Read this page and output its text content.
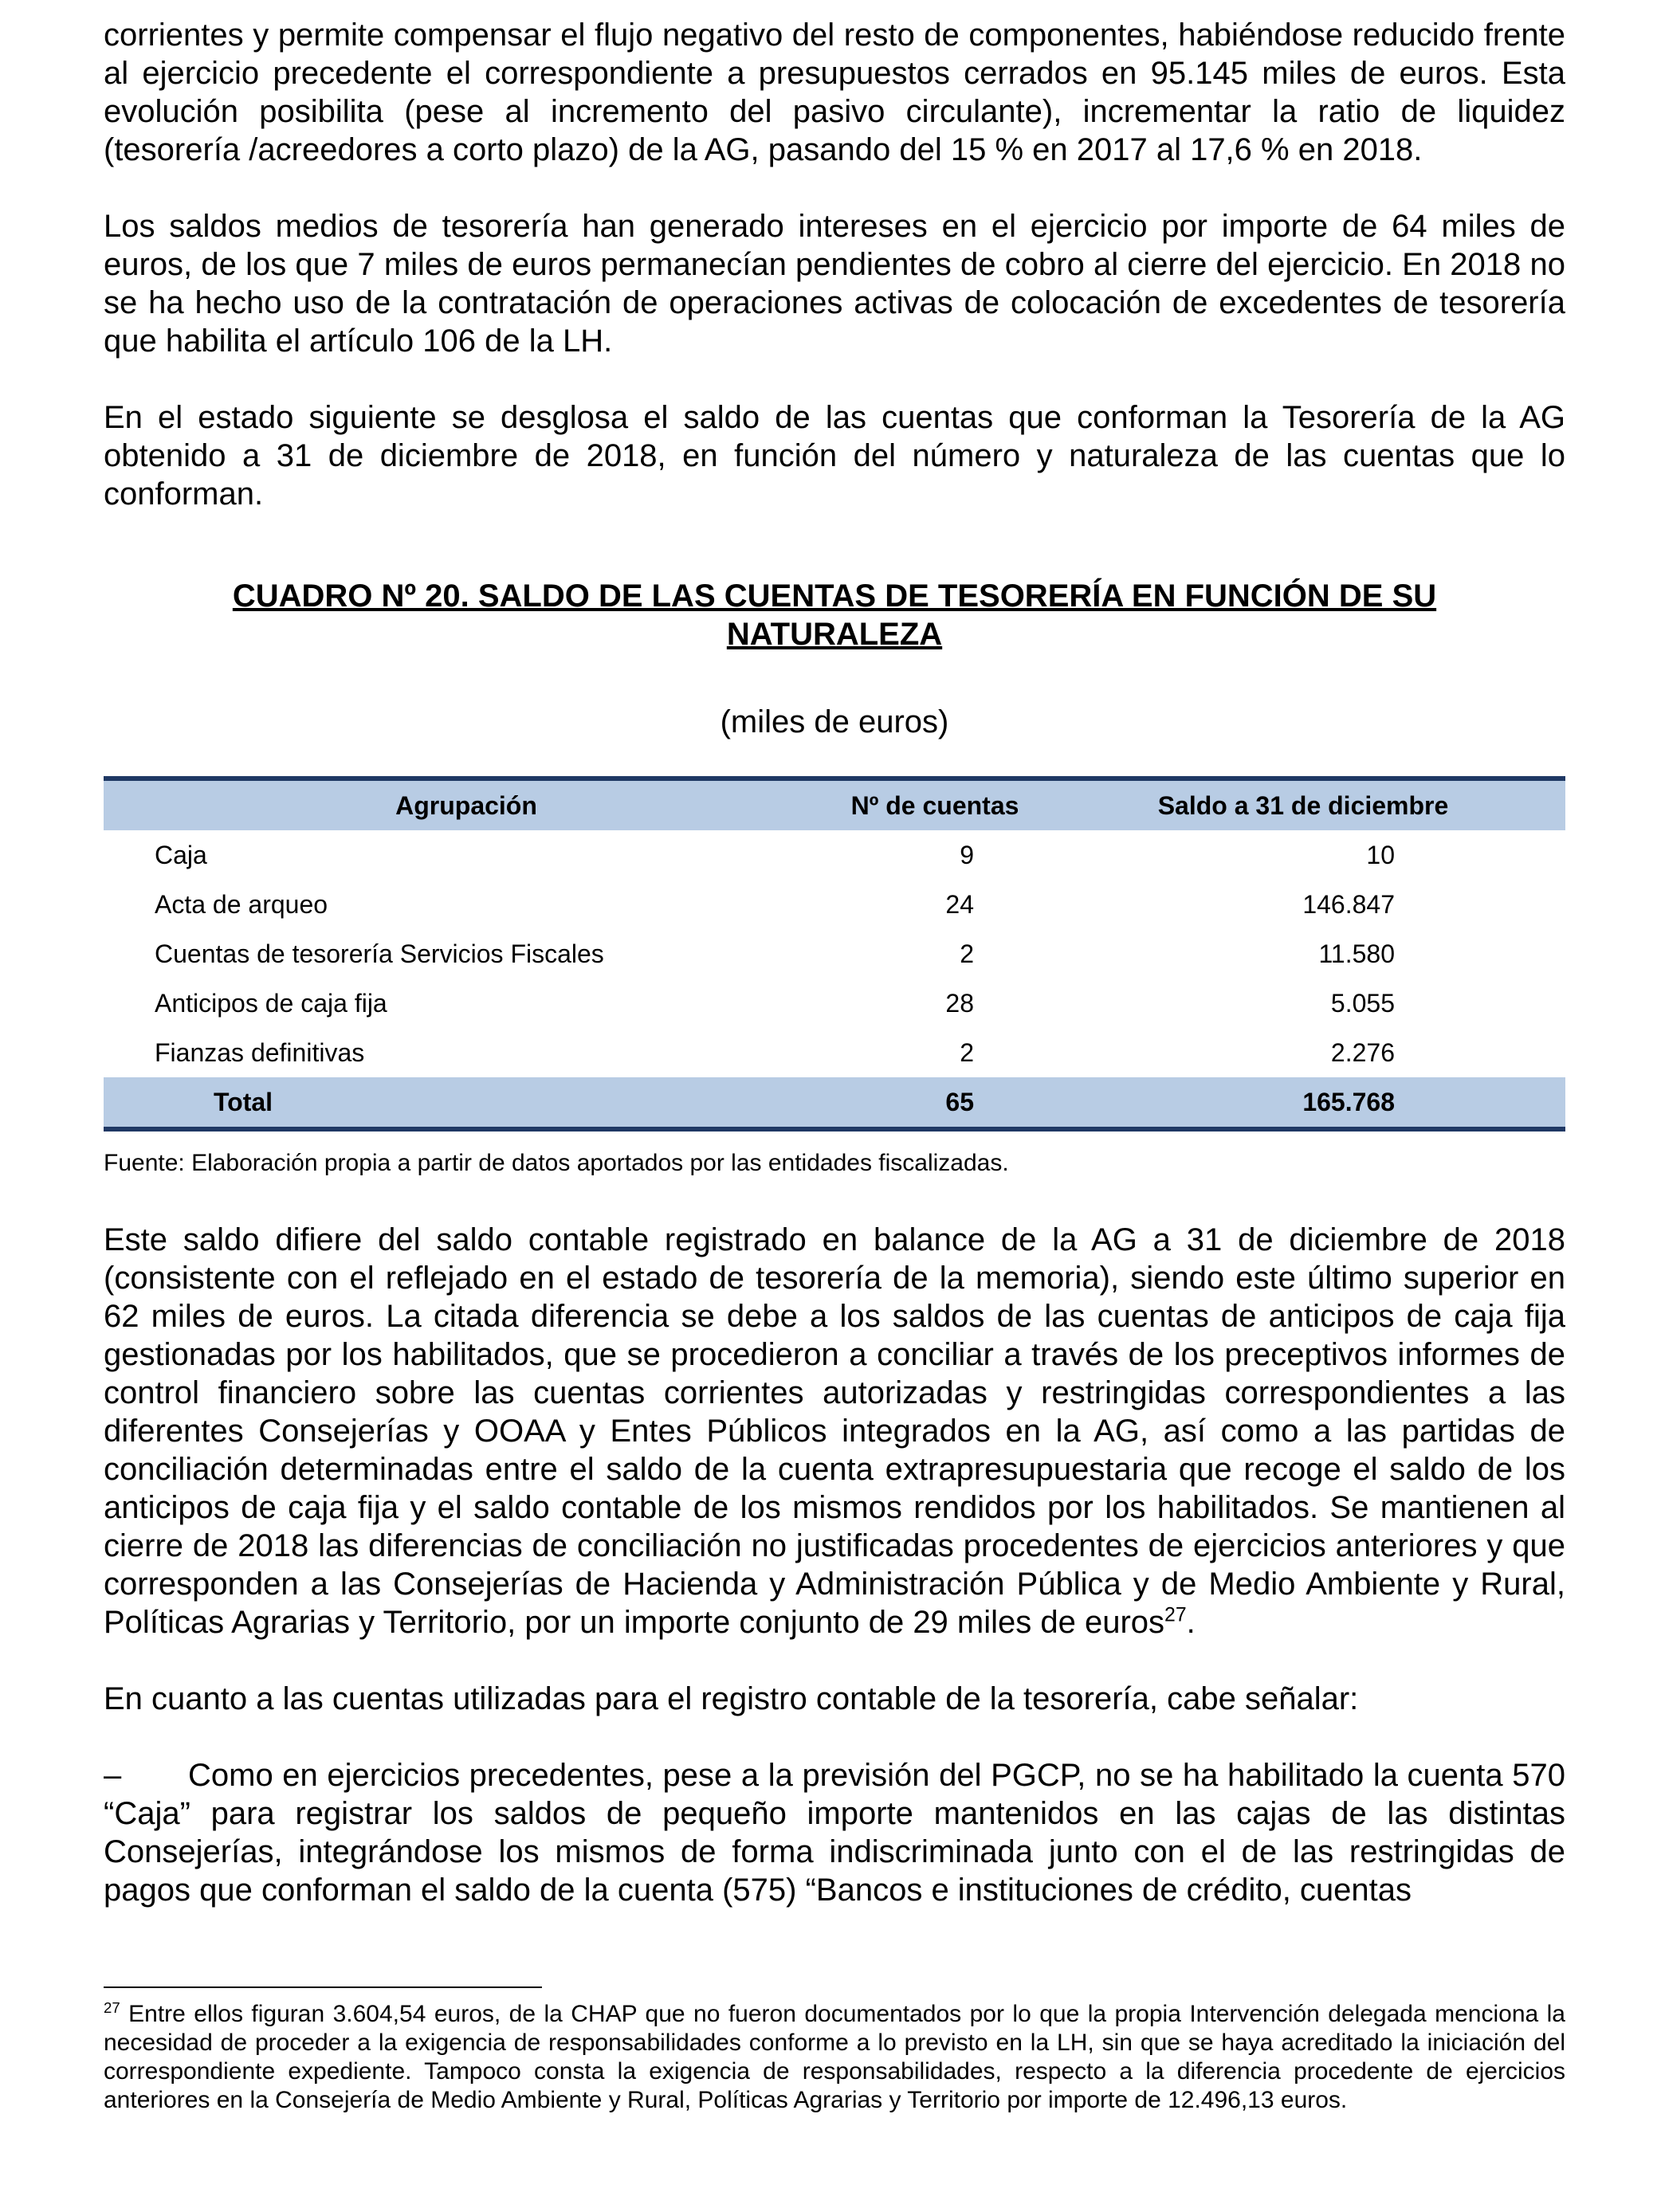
corrientes y permite compensar el flujo negativo del resto de componentes, habiéndose reducido frente al ejercicio precedente el correspondiente a presupuestos cerrados en 95.145 miles de euros. Esta evolución posibilita (pese al incremento del pasivo circulante), incrementar la ratio de liquidez (tesorería /acreedores a corto plazo) de la AG, pasando del 15 % en 2017 al 17,6 % en 2018.

Los saldos medios de tesorería han generado intereses en el ejercicio por importe de 64 miles de euros, de los que 7 miles de euros permanecían pendientes de cobro al cierre del ejercicio. En 2018 no se ha hecho uso de la contratación de operaciones activas de colocación de excedentes de tesorería que habilita el artículo 106 de la LH.

En el estado siguiente se desglosa el saldo de las cuentas que conforman la Tesorería de la AG obtenido a 31 de diciembre de 2018, en función del número y naturaleza de las cuentas que lo conforman.

CUADRO Nº 20. SALDO DE LAS CUENTAS DE TESORERÍA EN FUNCIÓN DE SU
NATURALEZA
(miles de euros)
Agrupación	Nº de cuentas	Saldo a 31 de diciembre
Caja	9	10
Acta de arqueo	24	146.847
Cuentas de tesorería Servicios Fiscales	2	11.580
Anticipos de caja fija	28	5.055
Fianzas definitivas	2	2.276
Total	65	165.768
Fuente: Elaboración propia a partir de datos aportados por las entidades fiscalizadas.

Este saldo difiere del saldo contable registrado en balance de la AG a 31 de diciembre de 2018 (consistente con el reflejado en el estado de tesorería de la memoria), siendo este último superior en 62 miles de euros. La citada diferencia se debe a los saldos de las cuentas de anticipos de caja fija gestionadas por los habilitados, que se procedieron a conciliar a través de los preceptivos informes de control financiero sobre las cuentas corrientes autorizadas y restringidas correspondientes a las diferentes Consejerías y OOAA y Entes Públicos integrados en la AG, así como a las partidas de conciliación determinadas entre el saldo de la cuenta extrapresupuestaria que recoge el saldo de los anticipos de caja fija y el saldo contable de los mismos rendidos por los habilitados. Se mantienen al cierre de 2018 las diferencias de conciliación no justificadas procedentes de ejercicios anteriores y que corresponden a las Consejerías de Hacienda y Administración Pública y de Medio Ambiente y Rural, Políticas Agrarias y Territorio, por un importe conjunto de 29 miles de euros$^{27}$.

En cuanto a las cuentas utilizadas para el registro contable de la tesorería, cabe señalar:

– Como en ejercicios precedentes, pese a la previsión del PGCP, no se ha habilitado la cuenta 570 “Caja” para registrar los saldos de pequeño importe mantenidos en las cajas de las distintas Consejerías, integrándose los mismos de forma indiscriminada junto con el de las restringidas de pagos que conforman el saldo de la cuenta (575) “Bancos e instituciones de crédito, cuentas

$^{27}$ Entre ellos figuran 3.604,54 euros, de la CHAP que no fueron documentados por lo que la propia Intervención delegada menciona la necesidad de proceder a la exigencia de responsabilidades conforme a lo previsto en la LH, sin que se haya acreditado la iniciación del correspondiente expediente. Tampoco consta la exigencia de responsabilidades, respecto a la diferencia procedente de ejercicios anteriores en la Consejería de Medio Ambiente y Rural, Políticas Agrarias y Territorio por importe de 12.496,13 euros.
